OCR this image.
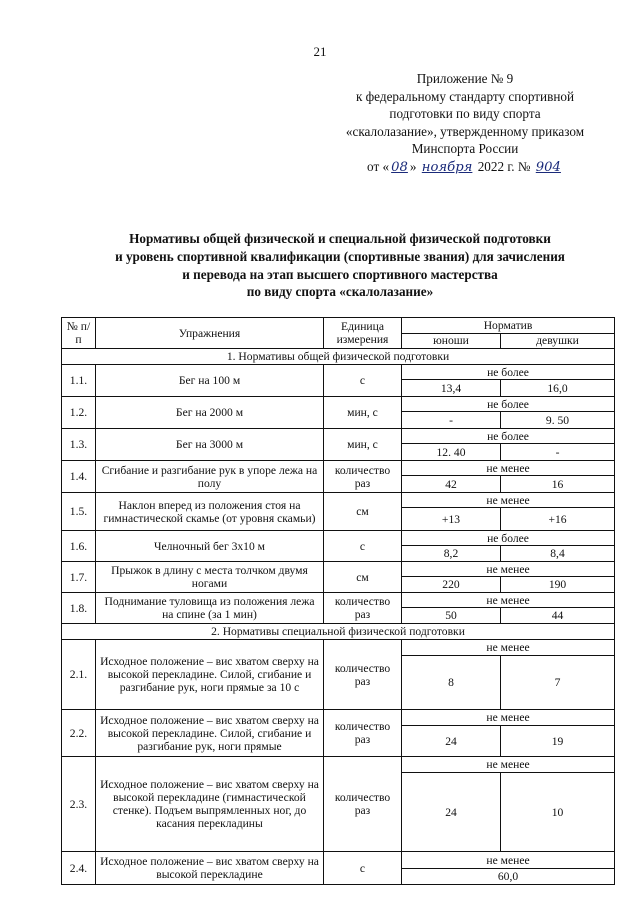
21
Приложение № 9
к федеральному стандарту спортивной
подготовки по виду спорта
«скалолазание», утвержденному приказом
Минспорта России
от « 08 » ноября 2022 г. № 904
Нормативы общей физической и специальной физической подготовки
и уровень спортивной квалификации (спортивные звания) для зачисления
и перевода на этап высшего спортивного мастерства
по виду спорта «скалолазание»
№ п/п	Упражнения	Единица измерения	Норматив	
			юноши	девушки
1. Нормативы общей физической подготовки				
1.1.	Бег на 100 м	с	не более	
			13,4	16,0
1.2.	Бег на 2000 м	мин, с	не более	
			-	9. 50
1.3.	Бег на 3000 м	мин, с	не более	
			12. 40	-
1.4.	Сгибание и разгибание рук в упоре лежа на полу	количество раз	не менее	
			42	16
1.5.	Наклон вперед из положения стоя на гимнастической скамье (от уровня скамьи)	см	не менее	
			+13	+16
1.6.	Челночный бег 3х10 м	с	не более	
			8,2	8,4
1.7.	Прыжок в длину с места толчком двумя ногами	см	не менее	
			220	190
1.8.	Поднимание туловища из положения лежа на спине (за 1 мин)	количество раз	не менее	
			50	44
2. Нормативы специальной физической подготовки				
2.1.	Исходное положение – вис хватом сверху на высокой перекладине. Силой, сгибание и разгибание рук, ноги прямые за 10 с	количество раз	не менее	
			8	7
2.2.	Исходное положение – вис хватом сверху на высокой перекладине. Силой, сгибание и разгибание рук, ноги прямые	количество раз	не менее	
			24	19
2.3.	Исходное положение – вис хватом сверху на высокой перекладине (гимнастической стенке). Подъем выпрямленных ног, до касания перекладины	количество раз	не менее	
			24	10
2.4.	Исходное положение – вис хватом сверху на высокой перекладине	с	не менее	
			60,0	
